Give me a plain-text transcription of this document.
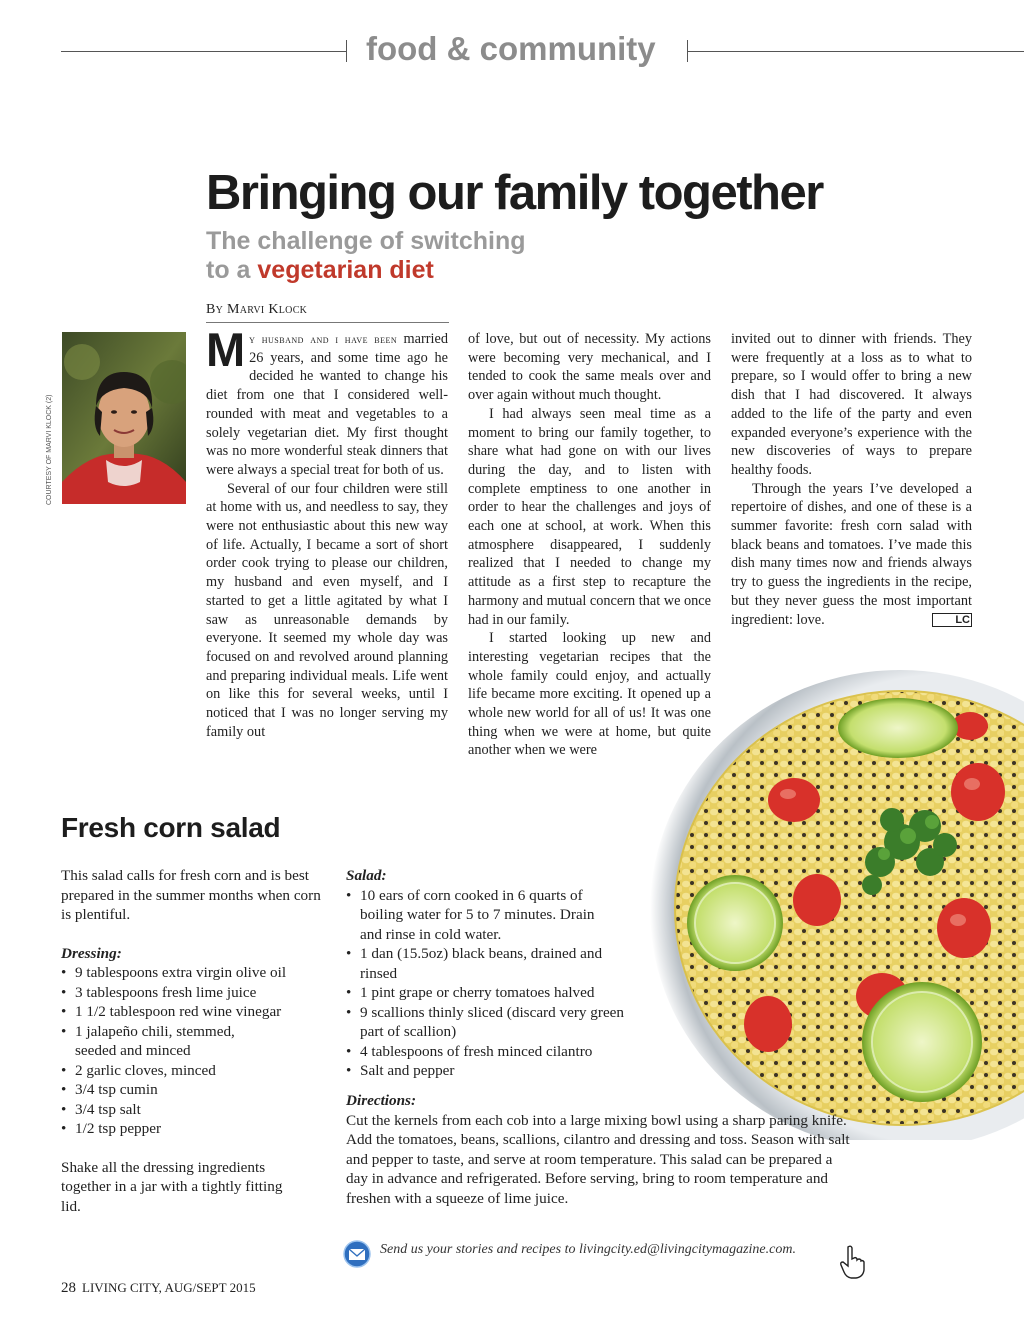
food & community
Bringing our family together
The challenge of switching
to a vegetarian diet
By Marvi Klock
COURTESY OF MARVI KLOCK (2)

My husband and i have been married 26 years, and some time ago he decided he wanted to change his diet from one that I considered well-rounded with meat and vegetables to a solely vegetarian diet. My first thought was no more wonderful steak dinners that were always a special treat for both of us.

Several of our four children were still at home with us, and needless to say, they were not enthusiastic about this new way of life. Actually, I became a sort of short order cook trying to please our children, my husband and even myself, and I started to get a little agitated by what I saw as unreasonable demands by everyone. It seemed my whole day was focused on and revolved around planning and preparing individual meals. Life went on like this for several weeks, until I noticed that I was no longer serving my family out

of love, but out of necessity. My actions were becoming very mechanical, and I tended to cook the same meals over and over again without much thought.

I had always seen meal time as a moment to bring our family together, to share what had gone on with our lives during the day, and to listen with complete emptiness to one another in order to hear the challenges and joys of each one at school, at work. When this atmosphere disappeared, I suddenly realized that I needed to change my attitude as a first step to recapture the harmony and mutual concern that we once had in our family.

I started looking up new and interesting vegetarian recipes that the whole family could enjoy, and actually life became more exciting. It opened up a whole new world for all of us! It was one thing when we were at home, but quite another when we were

invited out to dinner with friends. They were frequently at a loss as to what to prepare, so I would offer to bring a new dish that I had discovered. It always added to the life of the party and even expanded everyone’s experience with the new discoveries of ways to prepare healthy foods.

Through the years I’ve developed a repertoire of dishes, and one of these is a summer favorite: fresh corn salad with black beans and tomatoes. I’ve made this dish many times now and friends always try to guess the ingredients in the recipe, but they never guess the most important ingredient: love.	LC

Fresh corn salad
This salad calls for fresh corn and is best prepared in the summer months when corn is plentiful.
Dressing:
• 9 tablespoons extra virgin olive oil
• 3 tablespoons fresh lime juice
• 1 1/2 tablespoon red wine vinegar
• 1 jalapeño chili, stemmed, seeded and minced
• 2 garlic cloves, minced
• 3/4 tsp cumin
• 3/4 tsp salt
• 1/2 tsp pepper
Shake all the dressing ingredients together in a jar with a tightly fitting lid.
Salad:
• 10 ears of corn cooked in 6 quarts of boiling water for 5 to 7 minutes. Drain and rinse in cold water.
• 1 dan (15.5oz) black beans, drained and rinsed
• 1 pint grape or cherry tomatoes halved
• 9 scallions thinly sliced (discard very green part of scallion)
• 4 tablespoons of fresh minced cilantro
• Salt and pepper
Directions:
Cut the kernels from each cob into a large mixing bowl using a sharp paring knife. Add the tomatoes, beans, scallions, cilantro and dressing and toss. Season with salt and pepper to taste, and serve at room temperature. This salad can be prepared a day in advance and refrigerated. Before serving, bring to room temperature and freshen with a squeeze of lime juice.
Send us your stories and recipes to livingcity.ed@livingcitymagazine.com.
28 LIVING CITY, AUG/SEPT 2015
